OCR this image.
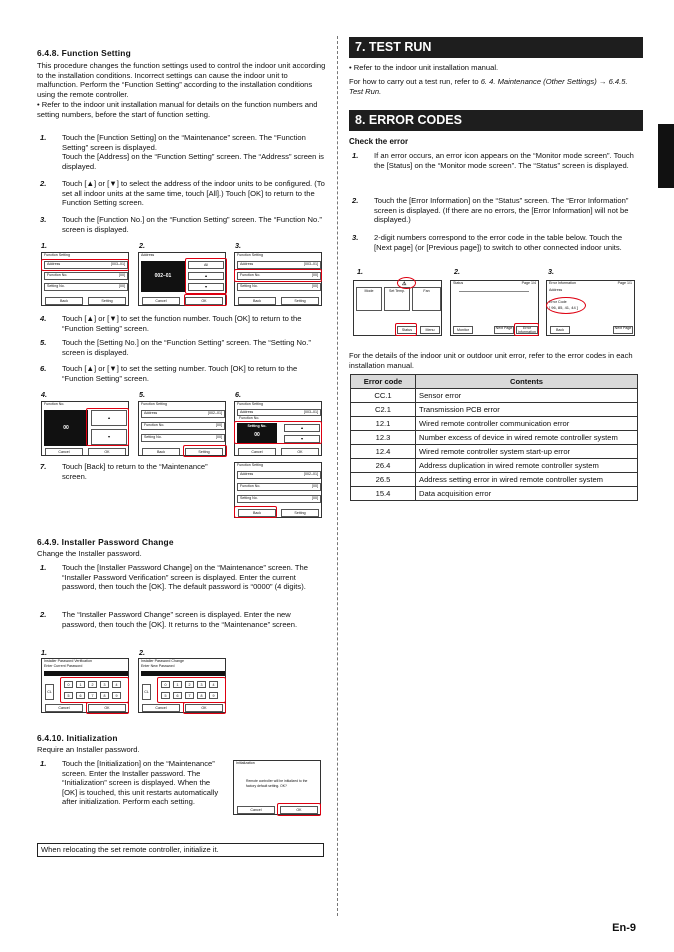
6.4.8. Function Setting

This procedure changes the function settings used to control the indoor unit according to the installation conditions. Incorrect settings can cause the indoor unit to malfunction. Perform the “Function Setting” according to the installation conditions using the remote controller.

• Refer to the indoor unit installation manual for details on the function numbers and setting numbers, before the start of function setting.

1. Touch the [Function Setting] on the “Maintenance” screen. The “Function Setting” screen is displayed.
Touch the [Address] on the “Function Setting” screen. The “Address” screen is displayed.
2. Touch [▲] or [▼] to select the address of the indoor units to be configured. (To set all indoor units at the same time, touch [All].) Touch [OK] to return to the Function Setting screen.
3. Touch the [Function No.] on the “Function Setting” screen. The “Function No.” screen is displayed.
1.	2.	3.
Function Setting
Address	[003–01]
Function No.	[00]
Setting No.	[00]
Back	Setting
Address
002–01
All
▲
▼
Cancel	OK
Function Setting
Address	[003–01]
Function No.	[00]
Setting No.	[00]
Back	Setting
4. Touch [▲] or [▼] to set the function number. Touch [OK] to return to the “Function Setting” screen.
5. Touch the [Setting No.] on the “Function Setting” screen. The “Setting No.” screen is displayed.
6. Touch [▲] or [▼] to set the setting number. Touch [OK] to return to the “Function Setting” screen.
4.	5.	6.
Function No.
00
▲
▼
Cancel	OK
Function Setting
Address	[002–01]
Function No.	[00]
Setting No.	[00]
Back	Setting
Function Setting
Address	[003–01]
Function No.
Setting No.
00
▲
▼
Cancel	OK
7. Touch [Back] to return to the “Maintenance” screen.
Function Setting
Address	[002–01]
Function No.	[00]
Setting No.	[00]
Back	Setting
6.4.9. Installer Password Change

Change the Installer password.

1. Touch the [Installer Password Change] on the “Maintenance” screen. The “Installer Password Verification” screen is displayed. Enter the current password, then touch the [OK]. The default password is “0000” (4 digits).
2. The “Installer Password Change” screen is displayed. Enter the new password, then touch the [OK]. It returns to the “Maintenance” screen.
1.	2.
Installer Password Verification
Enter Current Password
CL
0	1	2	3	4
5	6	7	8	9
Cancel	OK
Installer Password Change
Enter New Password
CL
0	1	2	3	4
5	6	7	8	9
Cancel	OK
6.4.10. Initialization

Require an Installer password.

1. Touch the [Initialization] on the “Maintenance” screen. Enter the Installer password. The “Initialization” screen is displayed. When the [OK] is touched, this unit restarts automatically after initialization. Perform each setting.
Initialization
Remote controller will be initialized to the factory default setting. OK?
Cancel	OK
When relocating the set remote controller, initialize it.
7. TEST RUN

• Refer to the indoor unit installation manual.

For how to carry out a test run, refer to 6. 4. Maintenance (Other Settings) → 6.4.5. Test Run.

8. ERROR CODES
Check the error
1. If an error occurs, an error icon appears on the “Monitor mode screen”. Touch the [Status] on the “Monitor mode screen”. The “Status” screen is displayed.
2. Touch the [Error Information] on the “Status” screen. The “Error Information” screen is displayed. (If there are no errors, the [Error Information] will not be displayed.)
3. 2-digit numbers correspond to the error code in the table below. Touch the [Next page] (or [Previous page]) to switch to other connected indoor units.
1.	2.	3.
Mode	Set Temp.	Fan
⚠
Status	Menu
Status	Page 1/4
Monitor	Next Page	Error Information
Error Information	Page 1/1
Address
Error Code
[ 96, 85, 41, 44 ]
Back	Next Page

For the details of the indoor unit or outdoor unit error, refer to the error codes in each installation manual.

Error code	Contents
CC.1	Sensor error
C2.1	Transmission PCB error
12.1	Wired remote controller communication error
12.3	Number excess of device in wired remote controller system
12.4	Wired remote controller system start-up error
26.4	Address duplication in wired remote controller system
26.5	Address setting error in wired remote controller system
15.4	Data acquisition error
En-9
